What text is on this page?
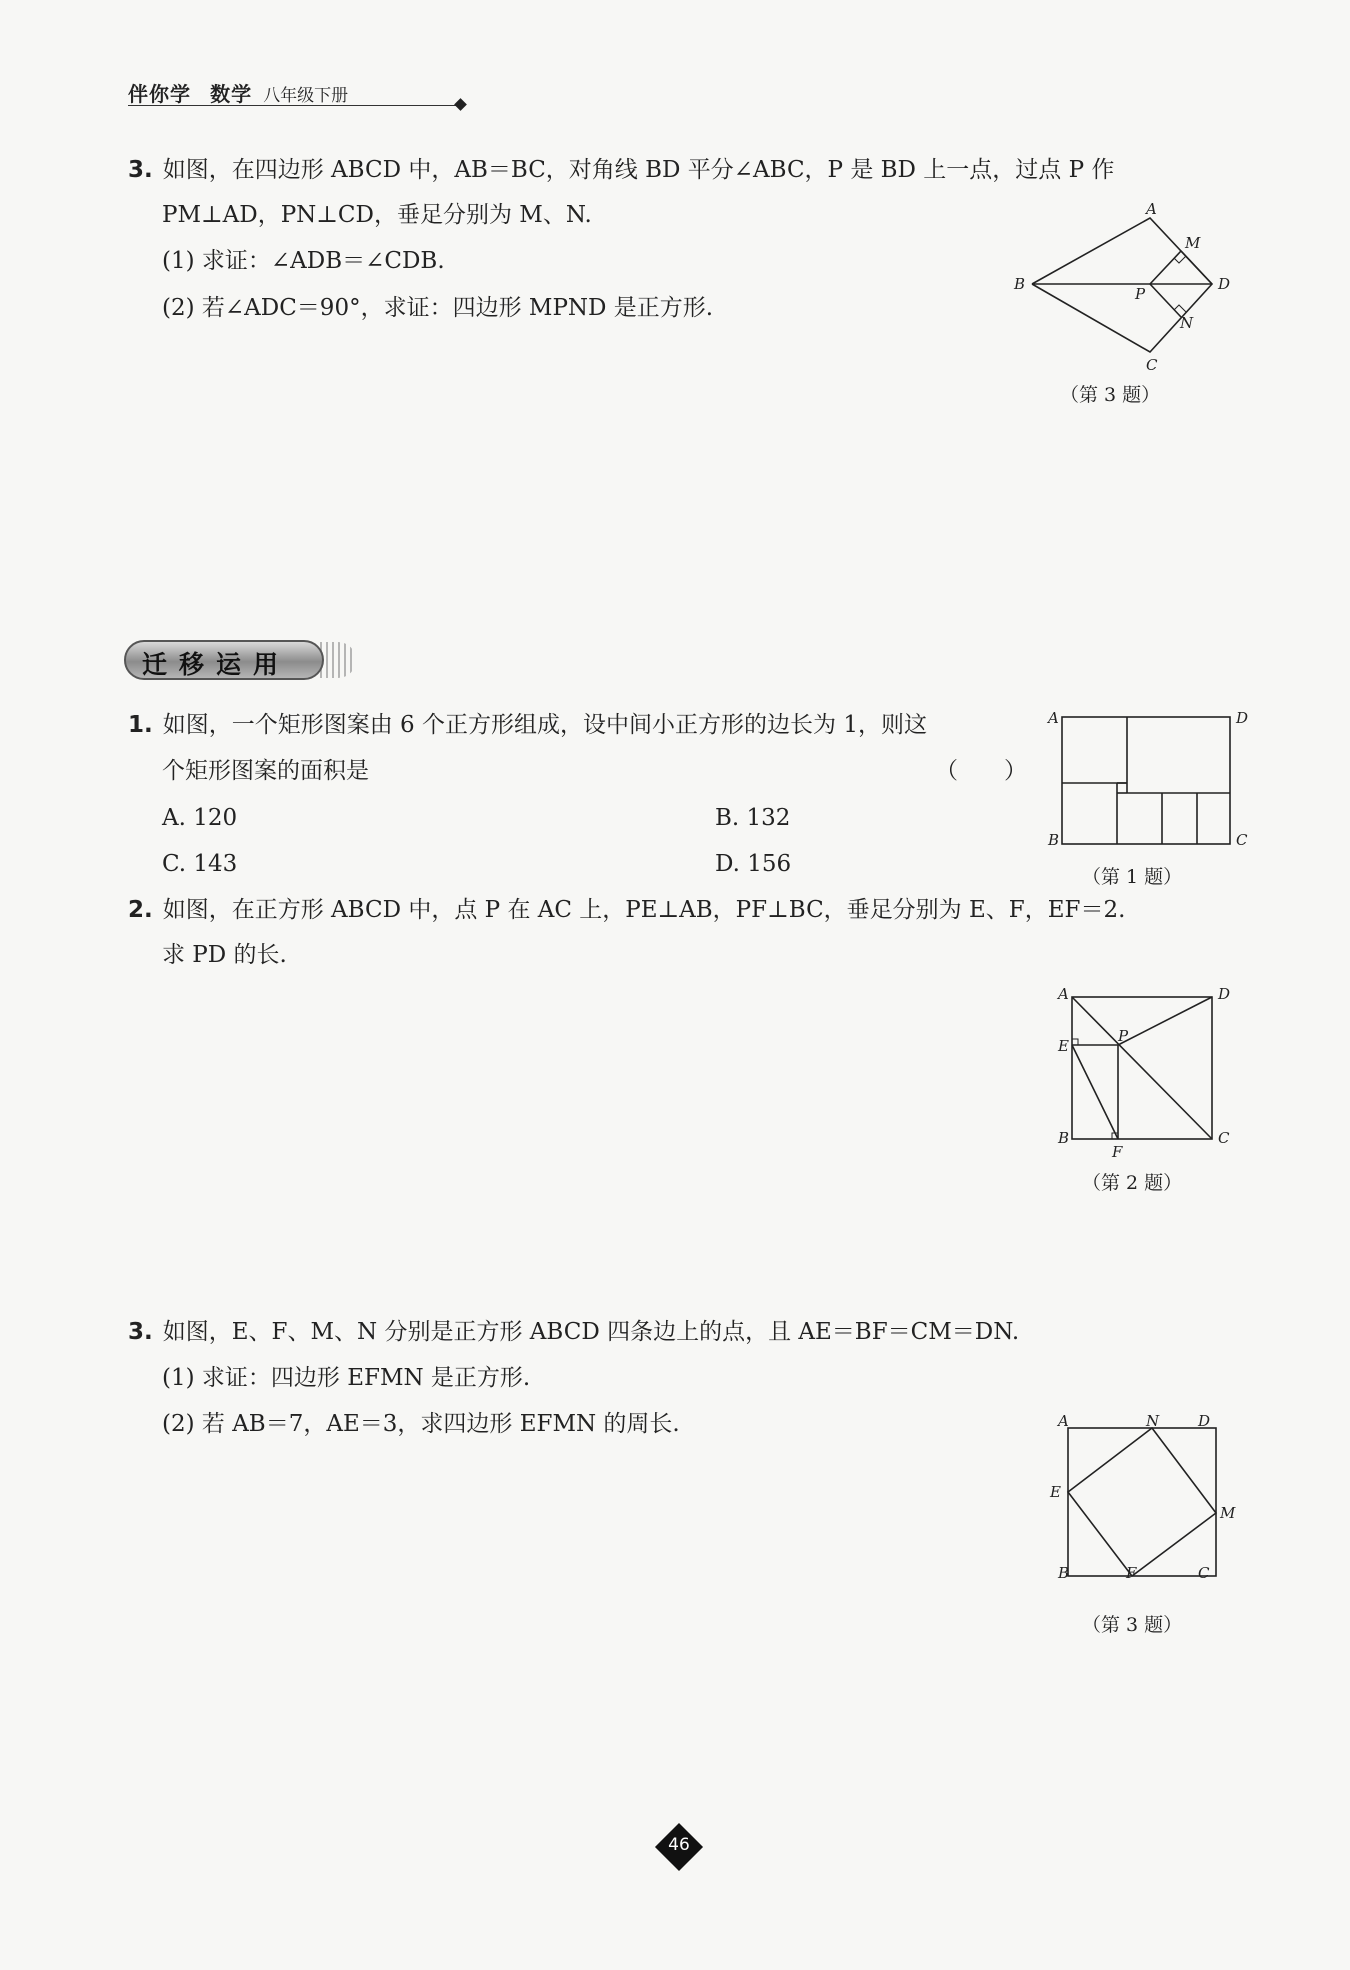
伴你学 数学 八年级下册
3. 如图，在四边形 ABCD 中，AB＝BC，对角线 BD 平分∠ABC，P 是 BD 上一点，过点 P 作
PM⊥AD，PN⊥CD，垂足分别为 M、N.
(1) 求证：∠ADB＝∠CDB.
(2) 若∠ADC＝90°，求证：四边形 MPND 是正方形.
A
B
C
D
M
N
P
（第 3 题）
迁移运用
1. 如图，一个矩形图案由 6 个正方形组成，设中间小正方形的边长为 1，则这
个矩形图案的面积是	（　　）
A. 120	B. 132
C. 143	D. 156
A
B	C
D
（第 1 题）
2. 如图，在正方形 ABCD 中，点 P 在 AC 上，PE⊥AB，PF⊥BC，垂足分别为 E、F，EF＝2.
求 PD 的长.
A
B	C
D
E
F
P
（第 2 题）
3. 如图，E、F、M、N 分别是正方形 ABCD 四条边上的点，且 AE＝BF＝CM＝DN.
(1) 求证：四边形 EFMN 是正方形.
(2) 若 AB＝7，AE＝3，求四边形 EFMN 的周长.	A
B	C
D
E
F
M
N
（第 3 题）
46
